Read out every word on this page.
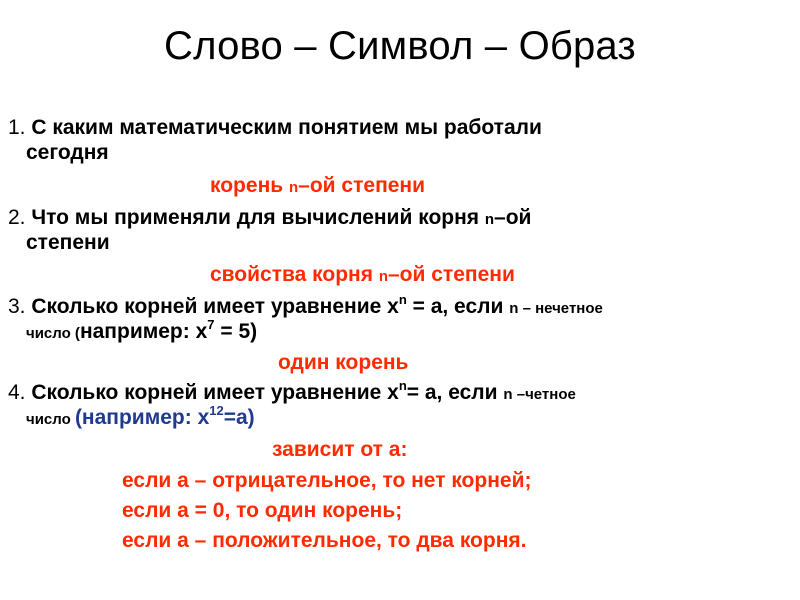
Слово – Символ – Образ
1. С каким математическим понятием мы работали
сегодня
корень n–ой степени
2. Что мы применяли для вычислений корня n–ой
степени
свойства корня n–ой степени
3. Сколько корней имеет уравнение $x^n = a$, если n – нечетное
число (например: $x^7 = 5$)
один корень
4. Сколько корней имеет уравнение $x^n= a$, если n –четное
число (например: $x^{12}=a$)
зависит от а:
если a – отрицательное, то нет корней;
если a = 0, то один корень;
если a – положительное, то два корня.
